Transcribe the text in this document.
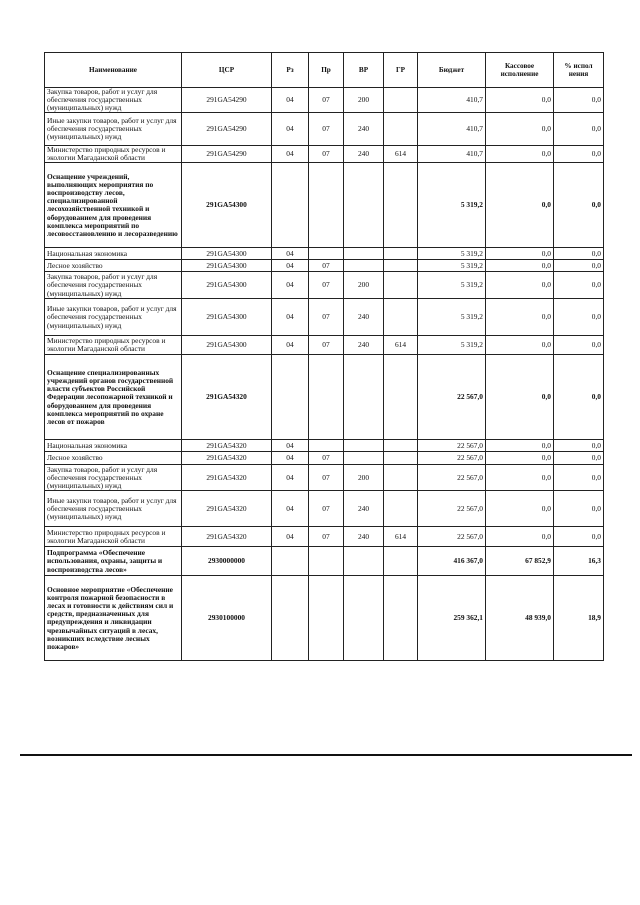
Наименование	ЦСР	Рз	Пр	ВР	ГР	Бюджет	Кассовое исполнение	% испол нения
Закупка товаров, работ и услуг для обеспечения государственных (муниципальных) нужд	291GA54290	04	07	200		410,7	0,0	0,0
Иные закупки товаров, работ и услуг для обеспечения государственных (муниципальных) нужд	291GA54290	04	07	240		410,7	0,0	0,0
Министерство природных ресурсов и экологии Магаданской области	291GA54290	04	07	240	614	410,7	0,0	0,0
Оснащение учреждений, выполняющих мероприятия по воспроизводству лесов, специализированной лесохозяйственной техникой и оборудованием для проведения комплекса мероприятий по лесовосстановлению и лесоразведению	291GA54300					5 319,2	0,0	0,0
Национальная экономика	291GA54300	04				5 319,2	0,0	0,0
Лесное хозяйство	291GA54300	04	07			5 319,2	0,0	0,0
Закупка товаров, работ и услуг для обеспечения государственных (муниципальных) нужд	291GA54300	04	07	200		5 319,2	0,0	0,0
Иные закупки товаров, работ и услуг для обеспечения государственных (муниципальных) нужд	291GA54300	04	07	240		5 319,2	0,0	0,0
Министерство природных ресурсов и экологии Магаданской области	291GA54300	04	07	240	614	5 319,2	0,0	0,0
Оснащение специализированных учреждений органов государственной власти субъектов Российской Федерации лесопожарной техникой и оборудованием для проведения комплекса мероприятий по охране лесов от пожаров	291GA54320					22 567,0	0,0	0,0
Национальная экономика	291GA54320	04				22 567,0	0,0	0,0
Лесное хозяйство	291GA54320	04	07			22 567,0	0,0	0,0
Закупка товаров, работ и услуг для обеспечения государственных (муниципальных) нужд	291GA54320	04	07	200		22 567,0	0,0	0,0
Иные закупки товаров, работ и услуг для обеспечения государственных (муниципальных) нужд	291GA54320	04	07	240		22 567,0	0,0	0,0
Министерство природных ресурсов и экологии Магаданской области	291GA54320	04	07	240	614	22 567,0	0,0	0,0
Подпрограмма «Обеспечение использования, охраны, защиты и воспроизводства лесов»	2930000000					416 367,0	67 852,9	16,3
Основное мероприятие «Обеспечение контроля пожарной безопасности в лесах и готовности к действиям сил и средств, предназначенных для предупреждения и ликвидации чрезвычайных ситуаций в лесах, возникших вследствие лесных пожаров»	2930100000					259 362,1	48 939,0	18,9
